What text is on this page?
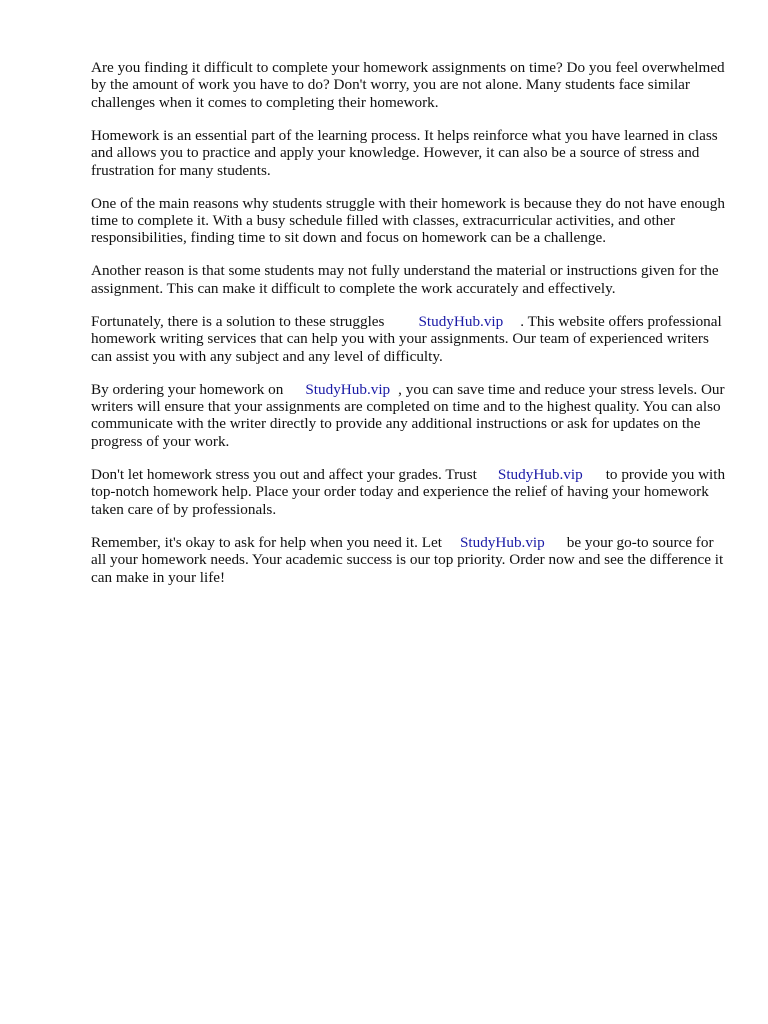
Are you finding it difficult to complete your homework assignments on time? Do you feel overwhelmed by the amount of work you have to do? Don't worry, you are not alone. Many students face similar challenges when it comes to completing their homework.

Homework is an essential part of the learning process. It helps reinforce what you have learned in class and allows you to practice and apply your knowledge. However, it can also be a source of stress and frustration for many students.

One of the main reasons why students struggle with their homework is because they do not have enough time to complete it. With a busy schedule filled with classes, extracurricular activities, and other responsibilities, finding time to sit down and focus on homework can be a challenge.

Another reason is that some students may not fully understand the material or instructions given for the assignment. This can make it difficult to complete the work accurately and effectively.

Fortunately, there is a solution to these struggles StudyHub.vip . This website offers professional homework writing services that can help you with your assignments. Our team of experienced writers can assist you with any subject and any level of difficulty.

By ordering your homework on StudyHub.vip , you can save time and reduce your stress levels. Our writers will ensure that your assignments are completed on time and to the highest quality. You can also communicate with the writer directly to provide any additional instructions or ask for updates on the progress of your work.

Don't let homework stress you out and affect your grades. Trust StudyHub.vip to provide you with top-notch homework help. Place your order today and experience the relief of having your homework taken care of by professionals.

Remember, it's okay to ask for help when you need it. Let StudyHub.vip be your go-to source for all your homework needs. Your academic success is our top priority. Order now and see the difference it can make in your life!
